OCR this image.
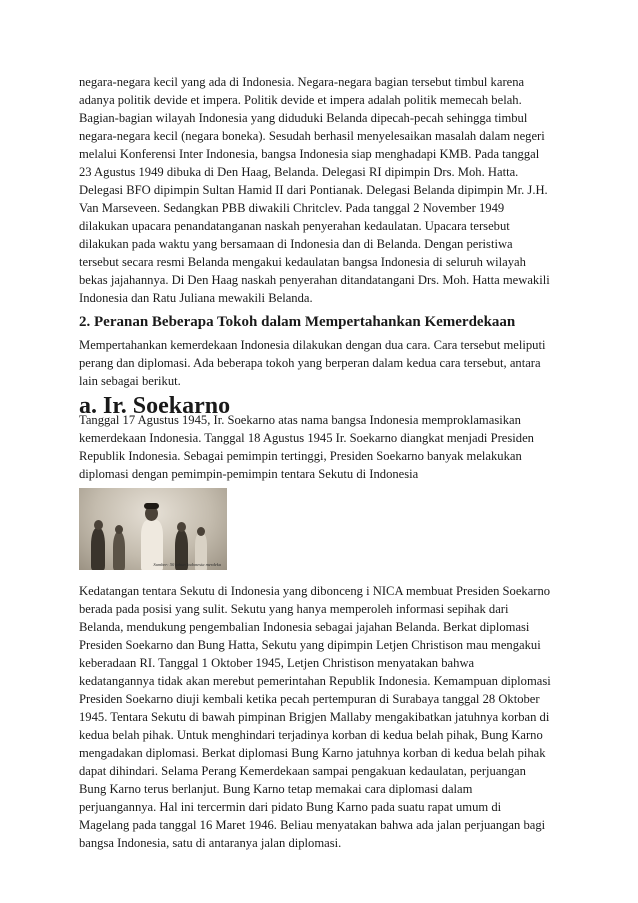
negara-negara kecil yang ada di Indonesia. Negara-negara bagian tersebut timbul karena
adanya politik devide et impera. Politik devide et impera adalah politik memecah belah.
Bagian-bagian wilayah Indonesia yang diduduki Belanda dipecah-pecah sehingga timbul
negara-negara kecil (negara boneka). Sesudah berhasil menyelesaikan masalah dalam negeri
melalui Konferensi Inter Indonesia, bangsa Indonesia siap menghadapi KMB. Pada tanggal
23 Agustus 1949 dibuka di Den Haag, Belanda. Delegasi RI dipimpin Drs. Moh. Hatta.
Delegasi BFO dipimpin Sultan Hamid II dari Pontianak. Delegasi Belanda dipimpin Mr. J.H.
Van Marseveen. Sedangkan PBB diwakili Chritclev. Pada tanggal 2 November 1949
dilakukan upacara penandatanganan naskah penyerahan kedaulatan. Upacara tersebut
dilakukan pada waktu yang bersamaan di Indonesia dan di Belanda. Dengan peristiwa
tersebut secara resmi Belanda mengakui kedaulatan bangsa Indonesia di seluruh wilayah
bekas jajahannya. Di Den Haag naskah penyerahan ditandatangani Drs. Moh. Hatta mewakili
Indonesia dan Ratu Juliana mewakili Belanda.
2. Peranan Beberapa Tokoh dalam Mempertahankan Kemerdekaan
Mempertahankan kemerdekaan Indonesia dilakukan dengan dua cara. Cara tersebut meliputi
perang dan diplomasi. Ada beberapa tokoh yang berperan dalam kedua cara tersebut, antara
lain sebagai berikut.
a. Ir. Soekarno
Tanggal 17 Agustus 1945, Ir. Soekarno atas nama bangsa Indonesia memproklamasikan
kemerdekaan Indonesia. Tanggal 18 Agustus 1945 Ir. Soekarno diangkat menjadi Presiden
Republik Indonesia. Sebagai pemimpin tertinggi, Presiden Soekarno banyak melakukan
diplomasi dengan pemimpin-pemimpin tentara Sekutu di Indonesia
Sumber: 50 tahun Indonesia merdeka
Kedatangan tentara Sekutu di Indonesia yang dibonceng i NICA membuat Presiden Soekarno
berada pada posisi yang sulit. Sekutu yang hanya memperoleh informasi sepihak dari
Belanda, mendukung pengembalian Indonesia sebagai jajahan Belanda. Berkat diplomasi
Presiden Soekarno dan Bung Hatta, Sekutu yang dipimpin Letjen Christison mau mengakui
keberadaan RI. Tanggal 1 Oktober 1945, Letjen Christison menyatakan bahwa
kedatangannya tidak akan merebut pemerintahan Republik Indonesia. Kemampuan diplomasi
Presiden Soekarno diuji kembali ketika pecah pertempuran di Surabaya tanggal 28 Oktober
1945. Tentara Sekutu di bawah pimpinan Brigjen Mallaby mengakibatkan jatuhnya korban di
kedua belah pihak. Untuk menghindari terjadinya korban di kedua belah pihak, Bung Karno
mengadakan diplomasi. Berkat diplomasi Bung Karno jatuhnya korban di kedua belah pihak
dapat dihindari. Selama Perang Kemerdekaan sampai pengakuan kedaulatan, perjuangan
Bung Karno terus berlanjut. Bung Karno tetap memakai cara diplomasi dalam
perjuangannya. Hal ini tercermin dari pidato Bung Karno pada suatu rapat umum di
Magelang pada tanggal 16 Maret 1946. Beliau menyatakan bahwa ada jalan perjuangan bagi
bangsa Indonesia, satu di antaranya jalan diplomasi.
